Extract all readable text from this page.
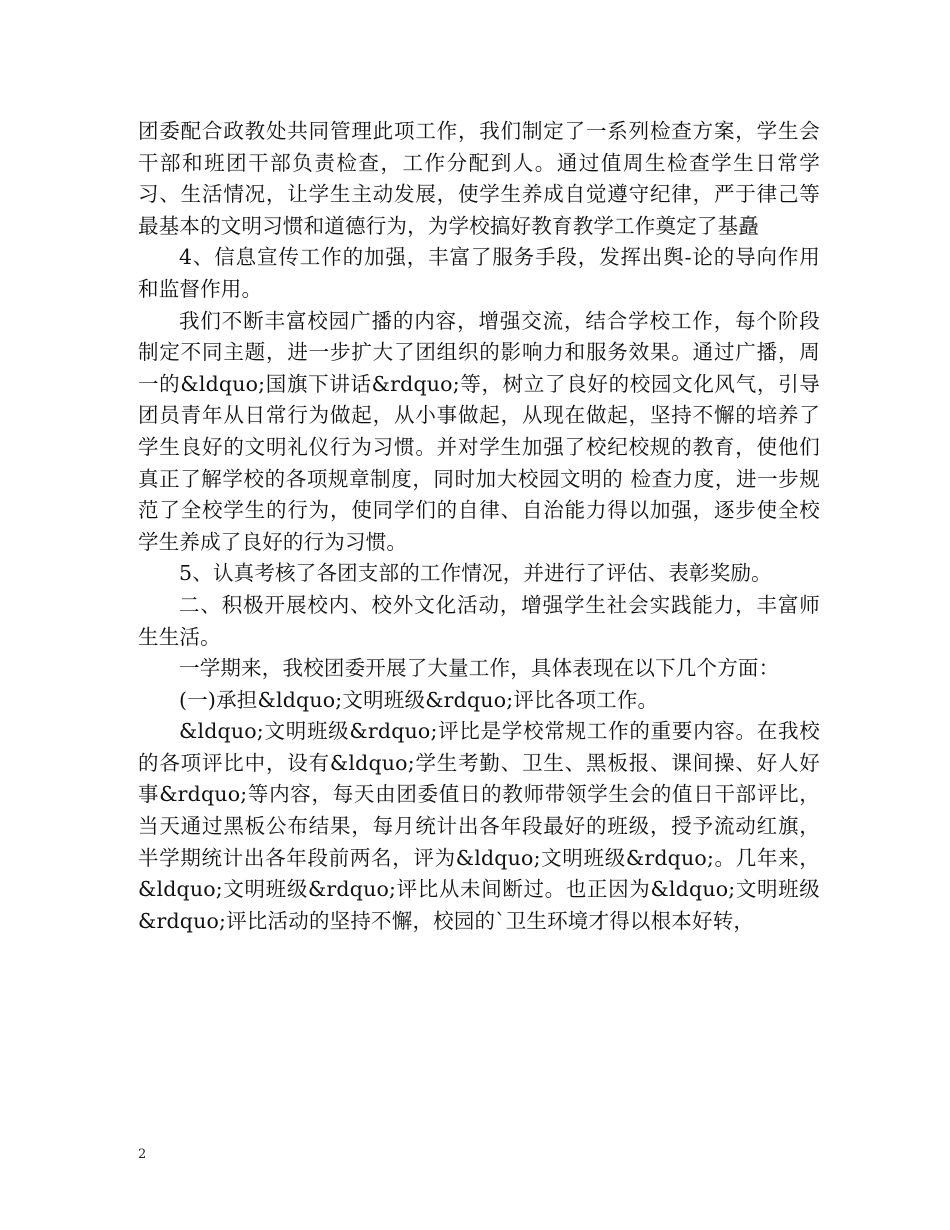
团委配合政教处共同管理此项工作，我们制定了一系列检查方案，学生会干部和班团干部负责检查，工作分配到人。通过值周生检查学生日常学习、生活情况，让学生主动发展，使学生养成自觉遵守纪律，严于律己等最基本的文明习惯和道德行为，为学校搞好教育教学工作奠定了基矗

4、信息宣传工作的加强，丰富了服务手段，发挥出舆-论的导向作用和监督作用。

我们不断丰富校园广播的内容，增强交流，结合学校工作，每个阶段制定不同主题，进一步扩大了团组织的影响力和服务效果。通过广播，周一的&ldquo;国旗下讲话&rdquo;等，树立了良好的校园文化风气，引导团员青年从日常行为做起，从小事做起，从现在做起，坚持不懈的培养了学生良好的文明礼仪行为习惯。并对学生加强了校纪校规的教育，使他们真正了解学校的各项规章制度，同时加大校园文明的 检查力度，进一步规范了全校学生的行为，使同学们的自律、自治能力得以加强，逐步使全校学生养成了良好的行为习惯。

5、认真考核了各团支部的工作情况，并进行了评估、表彰奖励。

二、积极开展校内、校外文化活动，增强学生社会实践能力，丰富师生生活。

一学期来，我校团委开展了大量工作，具体表现在以下几个方面：

(一)承担&ldquo;文明班级&rdquo;评比各项工作。

&ldquo;文明班级&rdquo;评比是学校常规工作的重要内容。在我校的各项评比中，设有&ldquo;学生考勤、卫生、黑板报、课间操、好人好事&rdquo;等内容，每天由团委值日的教师带领学生会的值日干部评比，当天通过黑板公布结果，每月统计出各年段最好的班级，授予流动红旗，半学期统计出各年段前两名，评为&ldquo;文明班级&rdquo;。几年来，&ldquo;文明班级&rdquo;评比从未间断过。也正因为&ldquo;文明班级&rdquo;评比活动的坚持不懈，校园的`卫生环境才得以根本好转，

2
